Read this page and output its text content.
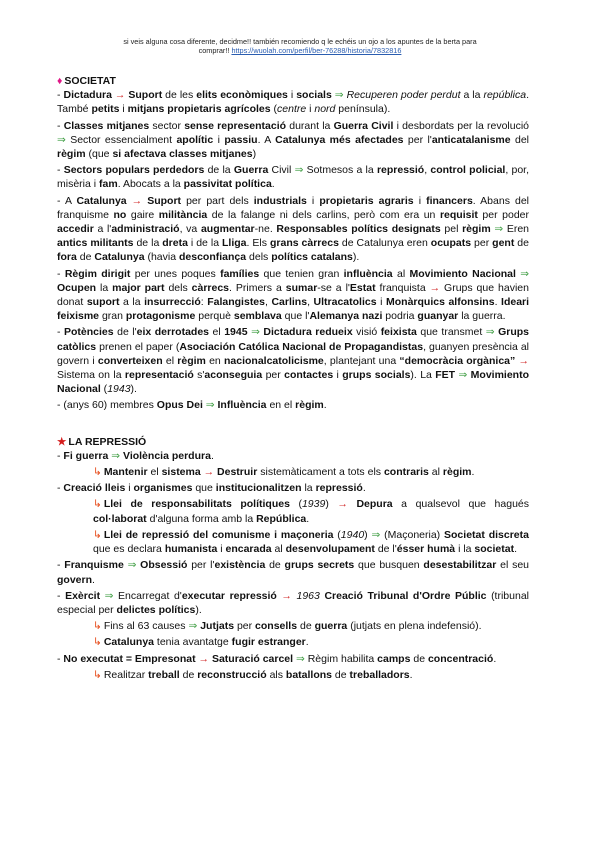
si veis alguna cosa diferente, decidme!! también recomiendo q le echéis un ojo a los apuntes de la berta para
comprar!! https://wuolah.com/perfil/ber-76288/historia/7832816
♦ SOCIETAT
- Dictadura → Suport de les elits econòmiques i socials ⇒ Recuperen poder perdut a la república. També petits i mitjans propietaris agrícoles (centre i nord península).
- Classes mitjanes sector sense representació durant la Guerra Civil i desbordats per la revolució ⇒ Sector essencialment apolític i passiu. A Catalunya més afectades per l'anticatalanisme del règim (que si afectava classes mitjanes)
- Sectors populars perdedors de la Guerra Civil ⇒ Sotmesos a la repressió, control policial, por, misèria i fam. Abocats a la passivitat política.
- A Catalunya → Suport per part dels industrials i propietaris agraris i financers. Abans del franquisme no gaire militància de la falange ni dels carlins, però com era un requisit per poder accedir a l'administració, va augmentar-ne. Responsables polítics designats pel règim ⇒ Eren antics militants de la dreta i de la Lliga. Els grans càrrecs de Catalunya eren ocupats per gent de fora de Catalunya (havia desconfiança dels polítics catalans).
- Règim dirigit per unes poques famílies que tenien gran influència al Movimiento Nacional ⇒ Ocupen la major part dels càrrecs. Primers a sumar-se a l'Estat franquista → Grups que havien donat suport a la insurrecció: Falangistes, Carlins, Ultracatolics i Monàrquics alfonsins. Ideari feixisme gran protagonisme perquè semblava que l'Alemanya nazi podria guanyar la guerra.
- Potències de l'eix derrotades el 1945 ⇒ Dictadura redueix visió feixista que transmet ⇒ Grups catòlics prenen el paper (Asociación Católica Nacional de Propagandistas, guanyen presència al govern i converteixen el règim en nacionalcatolicisme, plantejant una “democràcia orgànica” → Sistema on la representació s'aconseguia per contactes i grups socials). La FET ⇒ Movimiento Nacional (1943).
- (anys 60) membres Opus Dei ⇒ Influència en el règim.
★ LA REPRESSIÓ
- Fi guerra ⇒ Violència perdura.
↳ Mantenir el sistema → Destruir sistemàticament a tots els contraris al règim.
- Creació lleis i organismes que institucionalitzen la repressió.
↳ Llei de responsabilitats polítiques (1939) → Depura a qualsevol que hagués col·laborat d'alguna forma amb la República.
↳ Llei de repressió del comunisme i maçoneria (1940) ⇒ (Maçoneria) Societat discreta que es declara humanista i encarada al desenvolupament de l'ésser humà i la societat.
- Franquisme ⇒ Obsessió per l'existència de grups secrets que busquen desestabilitzar el seu govern.
- Exèrcit ⇒ Encarregat d'executar repressió → 1963 Creació Tribunal d'Ordre Públic (tribunal especial per delictes polítics).
↳ Fins al 63 causes ⇒ Jutjats per consells de guerra (jutjats en plena indefensió).
↳ Catalunya tenia avantatge fugir estranger.
- No executat = Empresonat → Saturació carcel ⇒ Règim habilita camps de concentració.
↳ Realitzar treball de reconstrucció als batallons de treballadors.
